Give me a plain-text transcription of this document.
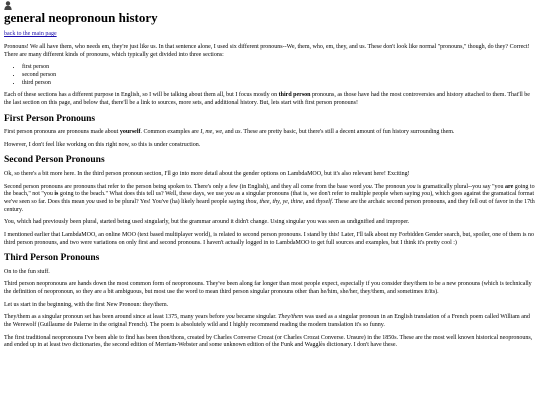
general neopronoun history

back to the main page

Pronouns! We all have them, who needs em, they're just like us. In that sentence alone, I used six different pronouns--We, them, who, em, they, and us. These don't look like normal "pronouns," though, do they? Correct! There are many different kinds of pronouns, which typically get divided into three sections:

• first person
• second person
• third person

Each of these sections has a different purpose in English, so I will be talking about them all, but I focus mostly on third person pronouns, as those have had the most controversies and history attached to them. That'll be the last section on this page, and below that, there'll be a link to sources, more sets, and additional history. But, lets start with first person pronouns!

First Person Pronouns

First person pronouns are pronouns made about yourself. Common examples are I, me, we, and us. These are pretty basic, but there's still a decent amount of fun history surrounding them.

However, I don't feel like working on this right now, so this is under construction.

Second Person Pronouns

Ok, so there's a bit more here. In the third person pronoun section, I'll go into more detail about the gender options on LambdaMOO, but it's also relevant here! Exciting!

Second person pronouns are pronouns that refer to the person being spoken to. There's only a few (in English), and they all come from the base word you. The pronoun you is gramatically plural--you say "you are going to the beach," not "you is going to the beach." What does this tell us? Well, these days, we use you as a singular pronouns (that is, we don't refer to multiple people when saying you), which goes against the gramatical format we've seen so far. Does this mean you used to be plural? Yes! You've (ha) likely heard people saying thou, thee, thy, ye, thine, and thyself. These are the archaic second person pronouns, and they fell out of favor in the 17th century.

You, which had previously been plural, started being used singularly, but the grammar around it didn't change. Using singular you was seen as undignified and improper.

I mentioned earlier that LambdaMOO, an online MOO (text based multiplayer world), is related to second person pronouns. I stand by this! Later, I'll talk about my Forbidden Gender search, but, spoiler, one of them is no third person pronouns, and two were variations on only first and second pronouns. I haven't actually logged in to LambdaMOO to get full sources and examples, but I think it's pretty cool :)

Third Person Pronouns

On to the fun stuff.

Third person neopronouns are hands down the most common form of neopronouns. They've been along far longer than most people expect, especially if you consider they/them to be a new pronouns (which is technically the definition of neopronoun, so they are a bit ambiguous, but most use the word to mean third person singular pronouns other than he/him, she/her, they/them, and sometimes it/its).

Let us start in the beginning, with the first New Pronoun: they/them.

They/them as a singular pronoun set has been around since at least 1375, many years before you became singular. They/them was used as a singular pronoun in an English translation of a French poem called William and the Werewolf (Guillaume de Palerne in the original French). The poem is absolutely wild and I highly recommend reading the modern translation it's so funny.

The first traditional neopronouns I've been able to find has been thon/thons, created by Charles Converse Crozat (or Charles Crozat Converse. Unsure) in the 1850s. These are the most well known historical neopronouns, and ended up in at least two dictionaries, the second edition of Merriam-Webster and some unknown edition of the Funk and Wagglès dictionary. I don't have these.
